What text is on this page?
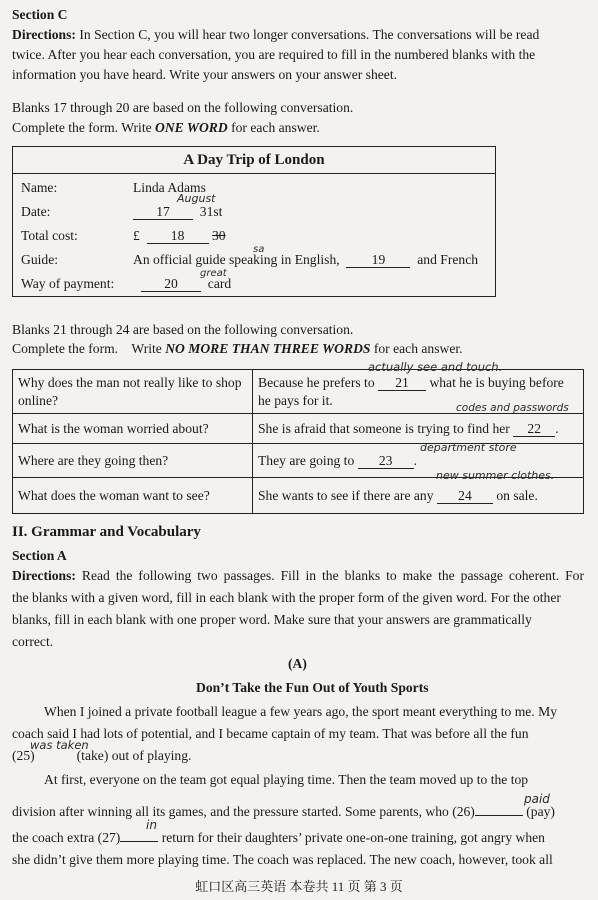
Section C
Directions: In Section C, you will hear two longer conversations. The conversations will be read
twice. After you hear each conversation, you are required to fill in the numbered blanks with the
information you have heard. Write your answers on your answer sheet.
Blanks 17 through 20 are based on the following conversation.
Complete the form. Write ONE WORD for each answer.
A Day Trip of London

Name:	Linda Adams
Date:	17 31st
August
Total cost:	£ 18 30
Guide:	An official guide speaking in English, 19 and French
sa
great
Way of payment:	20 card
Blanks 21 through 24 are based on the following conversation.
Complete the form.    Write NO MORE THAN THREE WORDS for each answer.
Why does the man not really like to shop online?	Because he prefers to 21 what he is buying before he pays for it.
What is the woman worried about?	She is afraid that someone is trying to find her 22 .
Where are they going then?	They are going to 23 .
What does the woman want to see?	She wants to see if there are any 24 on sale.
actually see and touch.
codes and passwords
department store
new summer clothes.
II. Grammar and Vocabulary
Section A
Directions: Read the following two passages. Fill in the blanks to make the passage coherent. For
the blanks with a given word, fill in each blank with the proper form of the given word. For the other
blanks, fill in each blank with one proper word. Make sure that your answers are grammatically
correct.
(A)
Don’t Take the Fun Out of Youth Sports
When I joined a private football league a few years ago, the sport meant everything to me. My
coach said I had lots of potential, and I became captain of my team. That was before all the fun
(25)	(take) out of playing.
was taken
At first, everyone on the team got equal playing time. Then the team moved up to the top
division after winning all its games, and the pressure started. Some parents, who (26)	(pay)
paid
the coach extra (27)	return for their daughters’ private one-on-one training, got angry when
in
she didn’t give them more playing time. The coach was replaced. The new coach, however, took all
虹口区高三英语 本卷共 11 页 第 3 页
